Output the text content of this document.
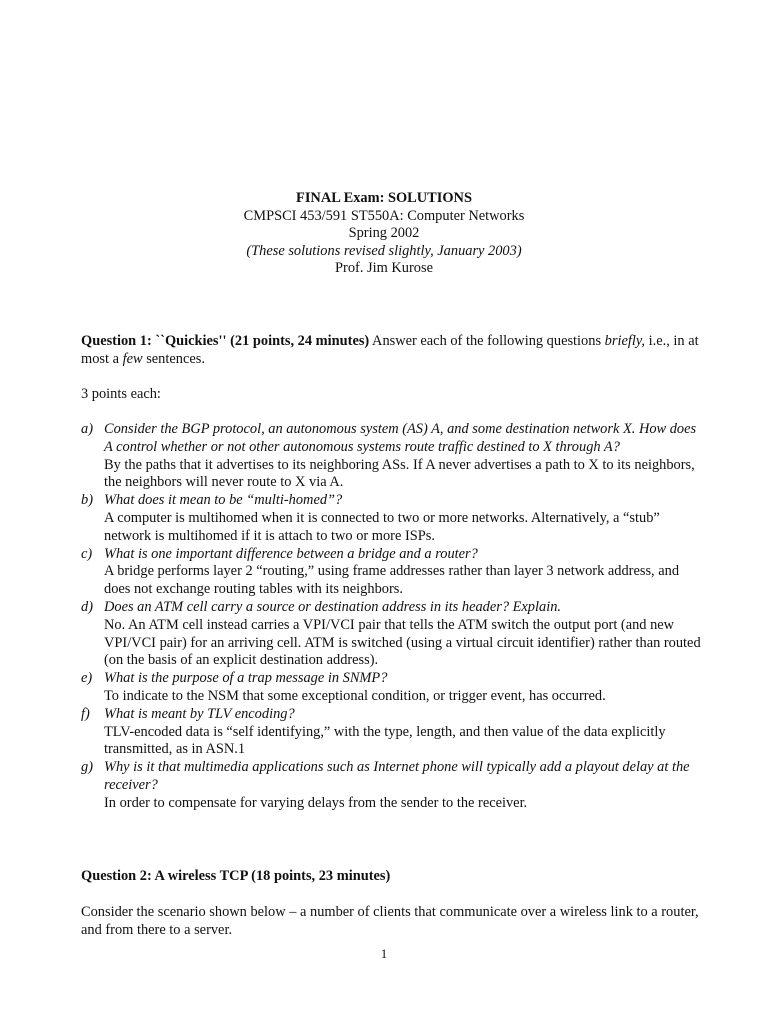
FINAL Exam: SOLUTIONS
CMPSCI 453/591 ST550A: Computer Networks
Spring 2002
(These solutions revised slightly, January 2003)
Prof. Jim Kurose
Question 1: ``Quickies'' (21 points, 24 minutes) Answer each of the following questions briefly, i.e., in at most a few sentences.
3 points each:
a) Consider the BGP protocol, an autonomous system (AS) A, and some destination network X. How does A control whether or not other autonomous systems route traffic destined to X through A?
By the paths that it advertises to its neighboring ASs. If A never advertises a path to X to its neighbors, the neighbors will never route to X via A.
b) What does it mean to be “multi-homed”?
A computer is multihomed when it is connected to two or more networks. Alternatively, a “stub” network is multihomed if it is attach to two or more ISPs.
c) What is one important difference between a bridge and a router?
A bridge performs layer 2 “routing,” using frame addresses rather than layer 3 network address, and does not exchange routing tables with its neighbors.
d) Does an ATM cell carry a source or destination address in its header? Explain.
No. An ATM cell instead carries a VPI/VCI pair that tells the ATM switch the output port (and new VPI/VCI pair) for an arriving cell. ATM is switched (using a virtual circuit identifier) rather than routed (on the basis of an explicit destination address).
e) What is the purpose of a trap message in SNMP?
To indicate to the NSM that some exceptional condition, or trigger event, has occurred.
f) What is meant by TLV encoding?
TLV-encoded data is “self identifying,” with the type, length, and then value of the data explicitly transmitted, as in ASN.1
g) Why is it that multimedia applications such as Internet phone will typically add a playout delay at the receiver?
In order to compensate for varying delays from the sender to the receiver.
Question 2: A wireless TCP (18 points, 23 minutes)
Consider the scenario shown below – a number of clients that communicate over a wireless link to a router, and from there to a server.
1
